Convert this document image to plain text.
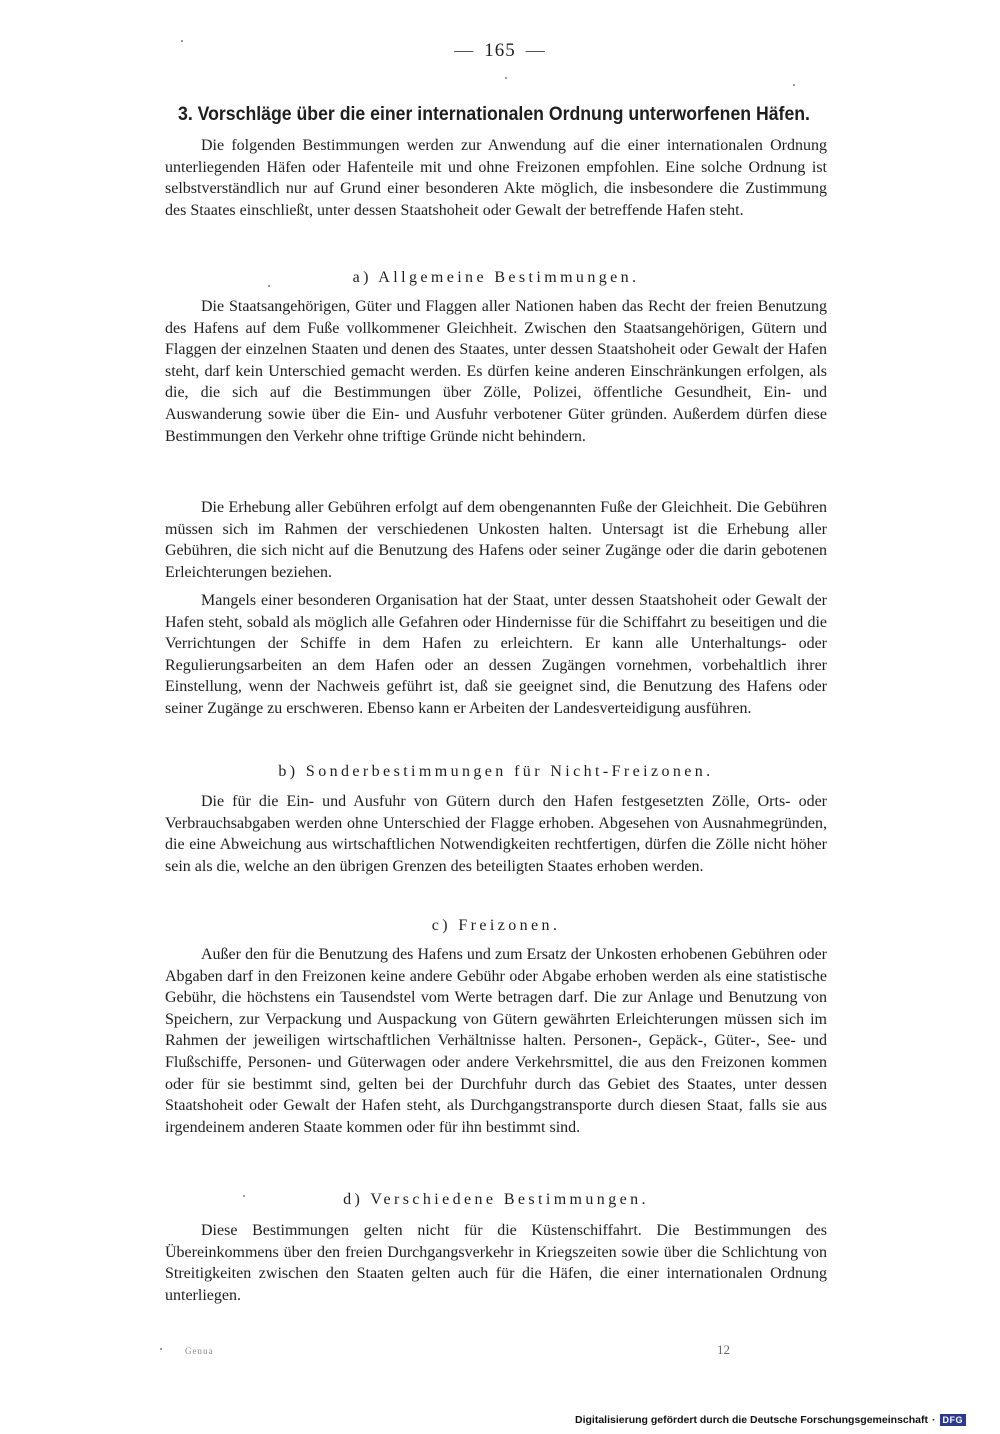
— 165 —
3. Vorschläge über die einer internationalen Ordnung unterworfenen Häfen.

Die folgenden Bestimmungen werden zur Anwendung auf die einer internationalen Ordnung unterliegenden Häfen oder Hafenteile mit und ohne Freizonen empfohlen. Eine solche Ordnung ist selbstverständlich nur auf Grund einer besonderen Akte möglich, die insbesondere die Zustimmung des Staates einschließt, unter dessen Staatshoheit oder Gewalt der betreffende Hafen steht.

a) Allgemeine Bestimmungen.

Die Staatsangehörigen, Güter und Flaggen aller Nationen haben das Recht der freien Benutzung des Hafens auf dem Fuße vollkommener Gleichheit. Zwischen den Staatsangehörigen, Gütern und Flaggen der einzelnen Staaten und denen des Staates, unter dessen Staatshoheit oder Gewalt der Hafen steht, darf kein Unterschied gemacht werden. Es dürfen keine anderen Einschränkungen erfolgen, als die, die sich auf die Bestimmungen über Zölle, Polizei, öffentliche Gesundheit, Ein- und Auswanderung sowie über die Ein- und Ausfuhr verbotener Güter gründen. Außerdem dürfen diese Bestimmungen den Verkehr ohne triftige Gründe nicht behindern.

Die Erhebung aller Gebühren erfolgt auf dem obengenannten Fuße der Gleichheit. Die Gebühren müssen sich im Rahmen der verschiedenen Unkosten halten. Untersagt ist die Erhebung aller Gebühren, die sich nicht auf die Benutzung des Hafens oder seiner Zugänge oder die darin gebotenen Erleichterungen beziehen.

Mangels einer besonderen Organisation hat der Staat, unter dessen Staatshoheit oder Gewalt der Hafen steht, sobald als möglich alle Gefahren oder Hindernisse für die Schiffahrt zu beseitigen und die Verrichtungen der Schiffe in dem Hafen zu erleichtern. Er kann alle Unterhaltungs- oder Regulierungsarbeiten an dem Hafen oder an dessen Zugängen vornehmen, vorbehaltlich ihrer Einstellung, wenn der Nachweis geführt ist, daß sie geeignet sind, die Benutzung des Hafens oder seiner Zugänge zu erschweren. Ebenso kann er Arbeiten der Landesverteidigung ausführen.

b) Sonderbestimmungen für Nicht-Freizonen.

Die für die Ein- und Ausfuhr von Gütern durch den Hafen festgesetzten Zölle, Orts- oder Verbrauchsabgaben werden ohne Unterschied der Flagge erhoben. Abgesehen von Ausnahmegründen, die eine Abweichung aus wirtschaftlichen Notwendigkeiten rechtfertigen, dürfen die Zölle nicht höher sein als die, welche an den übrigen Grenzen des beteiligten Staates erhoben werden.

c) Freizonen.

Außer den für die Benutzung des Hafens und zum Ersatz der Unkosten erhobenen Gebühren oder Abgaben darf in den Freizonen keine andere Gebühr oder Abgabe erhoben werden als eine statistische Gebühr, die höchstens ein Tausendstel vom Werte betragen darf. Die zur Anlage und Benutzung von Speichern, zur Verpackung und Auspackung von Gütern gewährten Erleichterungen müssen sich im Rahmen der jeweiligen wirtschaftlichen Verhältnisse halten. Personen-, Gepäck-, Güter-, See- und Flußschiffe, Personen- und Güterwagen oder andere Verkehrsmittel, die aus den Freizonen kommen oder für sie bestimmt sind, gelten bei der Durchfuhr durch das Gebiet des Staates, unter dessen Staatshoheit oder Gewalt der Hafen steht, als Durchgangstransporte durch diesen Staat, falls sie aus irgendeinem anderen Staate kommen oder für ihn bestimmt sind.

d) Verschiedene Bestimmungen.

Diese Bestimmungen gelten nicht für die Küstenschiffahrt. Die Bestimmungen des Übereinkommens über den freien Durchgangsverkehr in Kriegszeiten sowie über die Schlichtung von Streitigkeiten zwischen den Staaten gelten auch für die Häfen, die einer internationalen Ordnung unterliegen.

Genua	12
Digitalisierung gefördert durch die Deutsche Forschungsgemeinschaft · DFG
